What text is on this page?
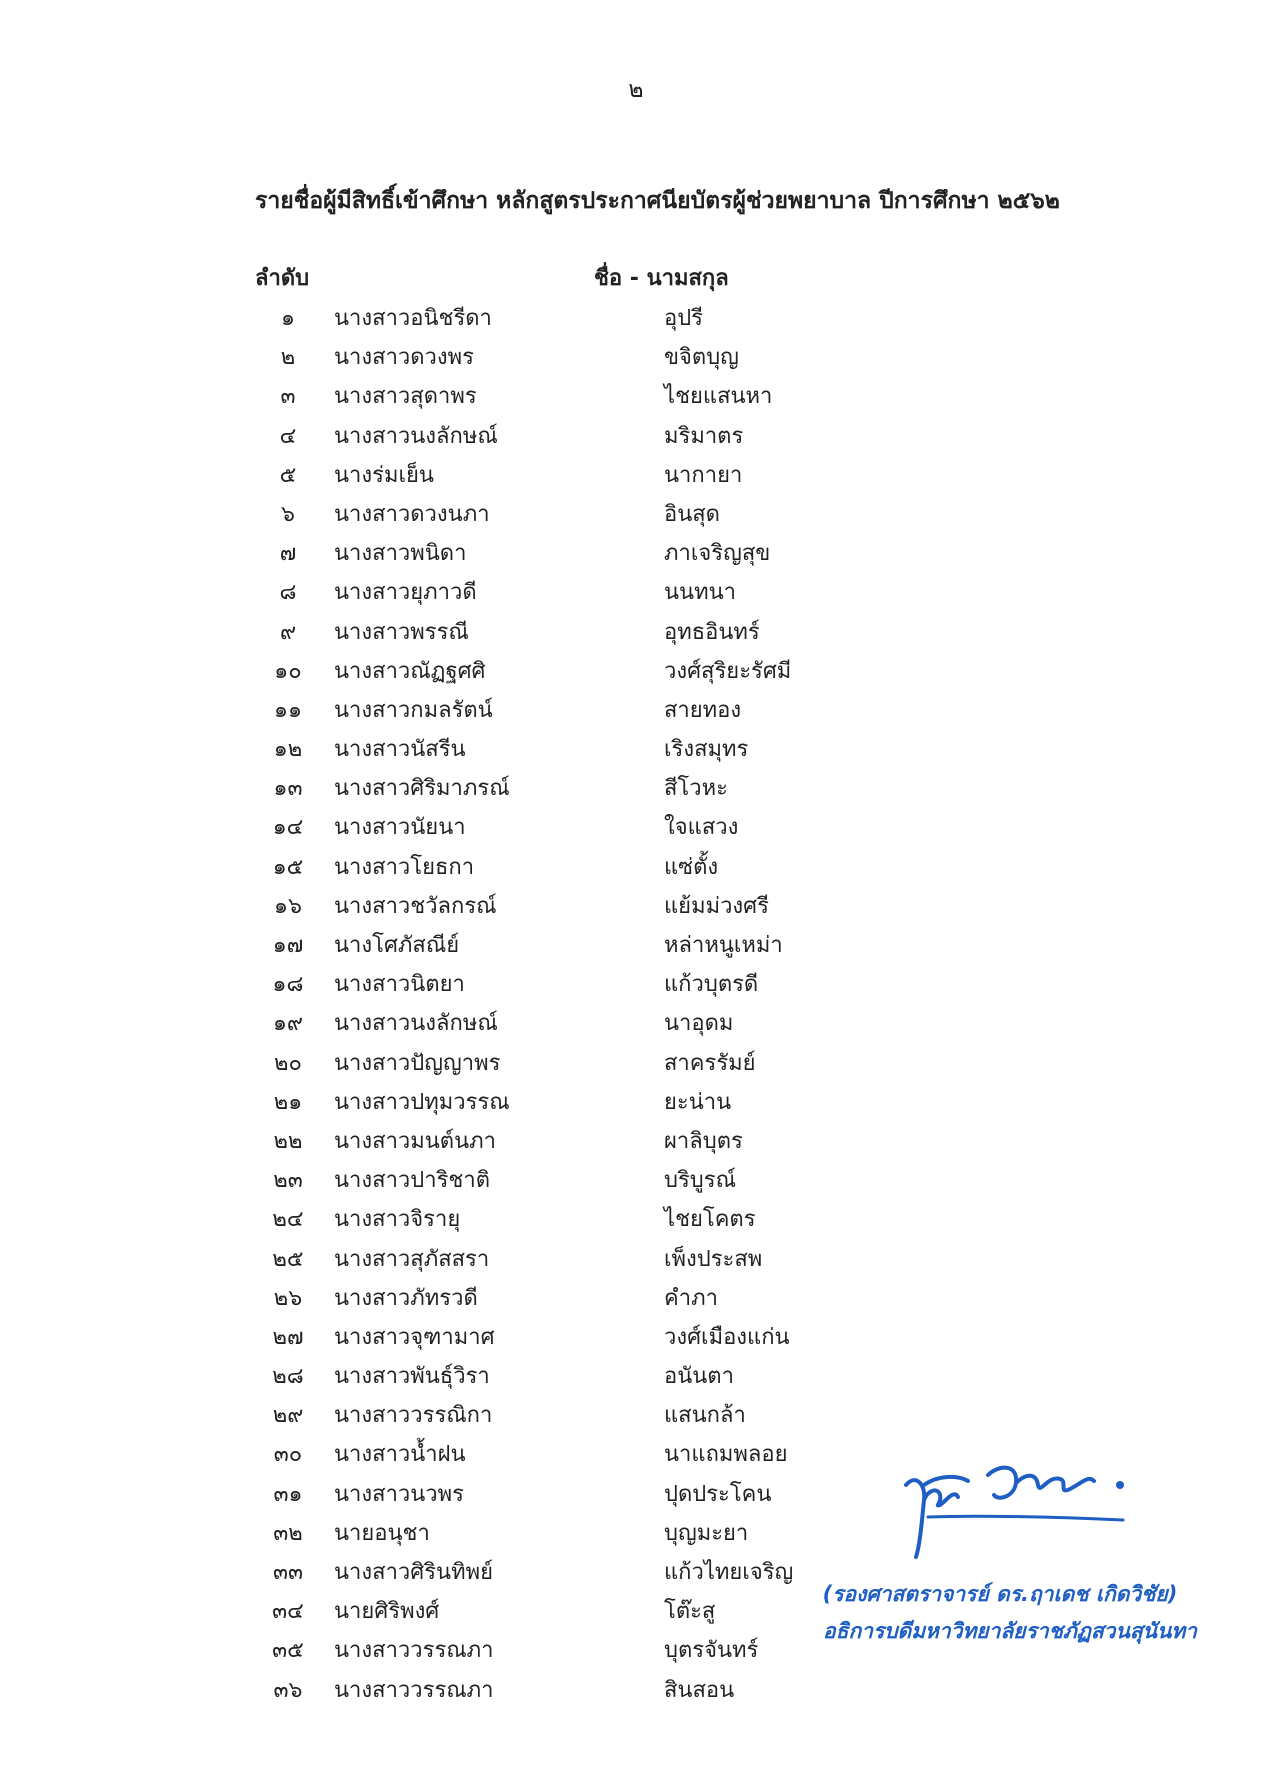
๒
รายชื่อผู้มีสิทธิ์เข้าศึกษา หลักสูตรประกาศนียบัตรผู้ช่วยพยาบาล ปีการศึกษา ๒๕๖๒
ลำดับ	ชื่อ - นามสกุล
๑	นางสาวอนิชรีดา	อุปรี
๒	นางสาวดวงพร	ขจิตบุญ
๓	นางสาวสุดาพร	ไชยแสนหา
๔	นางสาวนงลักษณ์	มริมาตร
๕	นางร่มเย็น	นากายา
๖	นางสาวดวงนภา	อินสุด
๗	นางสาวพนิดา	ภาเจริญสุข
๘	นางสาวยุภาวดี	นนทนา
๙	นางสาวพรรณี	อุทธอินทร์
๑๐	นางสาวณัฏฐศศิ	วงศ์สุริยะรัศมี
๑๑	นางสาวกมลรัตน์	สายทอง
๑๒	นางสาวนัสรีน	เริงสมุทร
๑๓	นางสาวศิริมาภรณ์	สีโวหะ
๑๔	นางสาวนัยนา	ใจแสวง
๑๕	นางสาวโยธกา	แซ่ตั้ง
๑๖	นางสาวชวัลกรณ์	แย้มม่วงศรี
๑๗	นางโศภัสณีย์	หล่าหนูเหม่า
๑๘	นางสาวนิตยา	แก้วบุตรดี
๑๙	นางสาวนงลักษณ์	นาอุดม
๒๐	นางสาวปัญญาพร	สาครรัมย์
๒๑	นางสาวปทุมวรรณ	ยะน่าน
๒๒	นางสาวมนต์นภา	ผาลิบุตร
๒๓	นางสาวปาริชาติ	บริบูรณ์
๒๔	นางสาวจิรายุ	ไชยโคตร
๒๕	นางสาวสุภัสสรา	เพ็งประสพ
๒๖	นางสาวภัทรวดี	คำภา
๒๗	นางสาวจุฑามาศ	วงศ์เมืองแก่น
๒๘	นางสาวพันธุ์วิรา	อนันตา
๒๙	นางสาววรรณิกา	แสนกล้า
๓๐	นางสาวน้ำฝน	นาแถมพลอย
๓๑	นางสาวนวพร	ปุดประโคน
๓๒	นายอนุชา	บุญมะยา
๓๓	นางสาวศิรินทิพย์	แก้วไทยเจริญ
๓๔	นายศิริพงศ์	โต๊ะสู
๓๕	นางสาววรรณภา	บุตรจันทร์
๓๖	นางสาววรรณภา	สินสอน
(รองศาสตราจารย์ ดร.ฤาเดช เกิดวิชัย)
อธิการบดีมหาวิทยาลัยราชภัฏสวนสุนันทา
